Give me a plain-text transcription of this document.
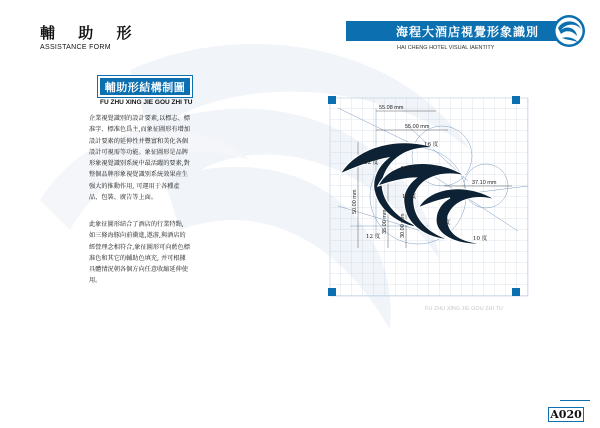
輔 助 形
ASSISTANCE FORM
海程大酒店視覺形象識別
HAI CHENG HOTEL VISUAL IAENTITY
輔助形結構制圖
FU ZHU XING JIE GOU ZHI TU

企業視覺識別的設計要素,以標志、標准字、標准色爲主,而象征圖形有增加設計要素的延伸性并豐富和美化各個設計可視需等功能。象征圖形是品牌形象視覺識别系統中最活躍的要素,對整個品牌形象視覺識别系統效果産生强大的推動作用, 可運用于各種產品、包裝、廣告等上面。

此象征圖形結合了酒店的行業特點, 如三條海豚向前衝進,遨游,與酒店的經營理念相符合,象征圖形可向藍色標准色和其它的輔助色填充, 并可根據具體情況朝各個方向任意收縮延伸使用。

55.08 mm
55.00 mm
37.10 mm
50.00 mm
35.00 mm 30.00 mm
16 度
32 度
41 度
16 度
13 度
10 度
12 度
FU ZHU XING JIE GOU ZHI TU
A020
